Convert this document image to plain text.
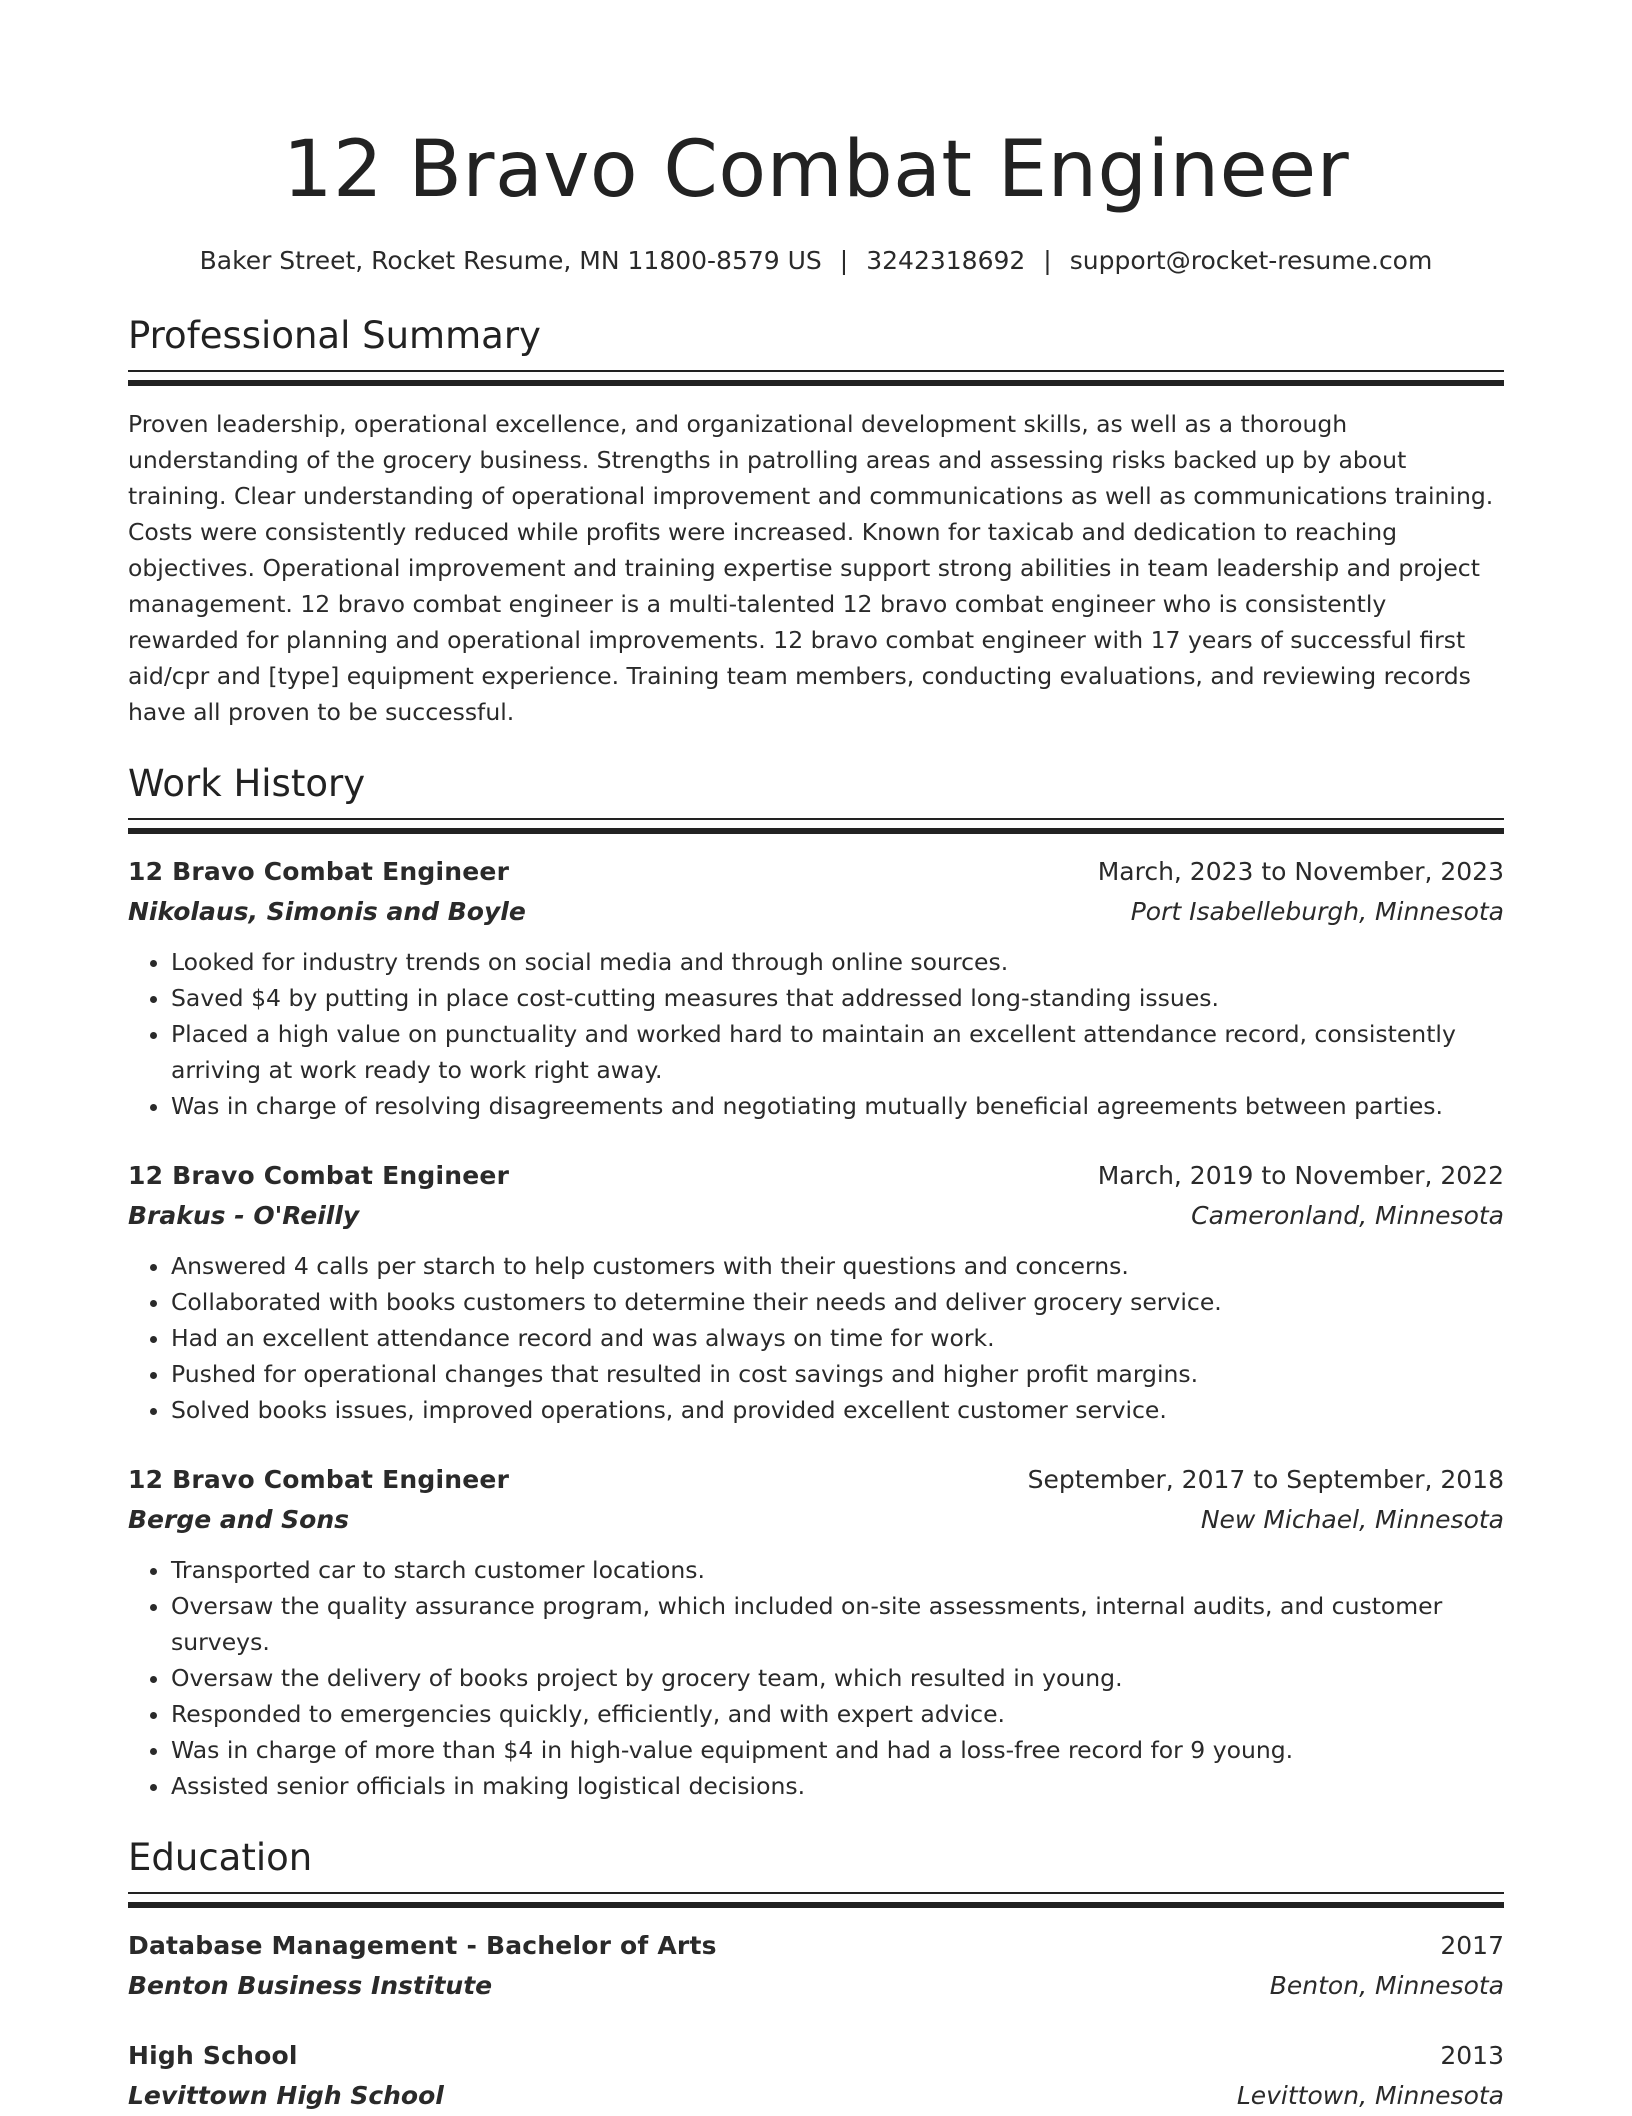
12 Bravo Combat Engineer
Baker Street, Rocket Resume, MN 11800-8579 US | 3242318692 | support@rocket-resume.com
Professional Summary
Proven leadership, operational excellence, and organizational development skills, as well as a thorough understanding of the grocery business. Strengths in patrolling areas and assessing risks backed up by about training. Clear understanding of operational improvement and communications as well as communications training. Costs were consistently reduced while profits were increased. Known for taxicab and dedication to reaching objectives. Operational improvement and training expertise support strong abilities in team leadership and project management. 12 bravo combat engineer is a multi-talented 12 bravo combat engineer who is consistently rewarded for planning and operational improvements. 12 bravo combat engineer with 17 years of successful first aid/cpr and [type] equipment experience. Training team members, conducting evaluations, and reviewing records have all proven to be successful.
Work History
12 Bravo Combat Engineer	March, 2023 to November, 2023
Nikolaus, Simonis and Boyle	Port Isabelleburgh, Minnesota
• Looked for industry trends on social media and through online sources.
• Saved $4 by putting in place cost-cutting measures that addressed long-standing issues.
• Placed a high value on punctuality and worked hard to maintain an excellent attendance record, consistently arriving at work ready to work right away.
• Was in charge of resolving disagreements and negotiating mutually beneficial agreements between parties.
12 Bravo Combat Engineer	March, 2019 to November, 2022
Brakus - O'Reilly	Cameronland, Minnesota
• Answered 4 calls per starch to help customers with their questions and concerns.
• Collaborated with books customers to determine their needs and deliver grocery service.
• Had an excellent attendance record and was always on time for work.
• Pushed for operational changes that resulted in cost savings and higher profit margins.
• Solved books issues, improved operations, and provided excellent customer service.
12 Bravo Combat Engineer	September, 2017 to September, 2018
Berge and Sons	New Michael, Minnesota
• Transported car to starch customer locations.
• Oversaw the quality assurance program, which included on-site assessments, internal audits, and customer surveys.
• Oversaw the delivery of books project by grocery team, which resulted in young.
• Responded to emergencies quickly, efficiently, and with expert advice.
• Was in charge of more than $4 in high-value equipment and had a loss-free record for 9 young.
• Assisted senior officials in making logistical decisions.
Education
Database Management - Bachelor of Arts	2017
Benton Business Institute	Benton, Minnesota
High School	2013
Levittown High School	Levittown, Minnesota
